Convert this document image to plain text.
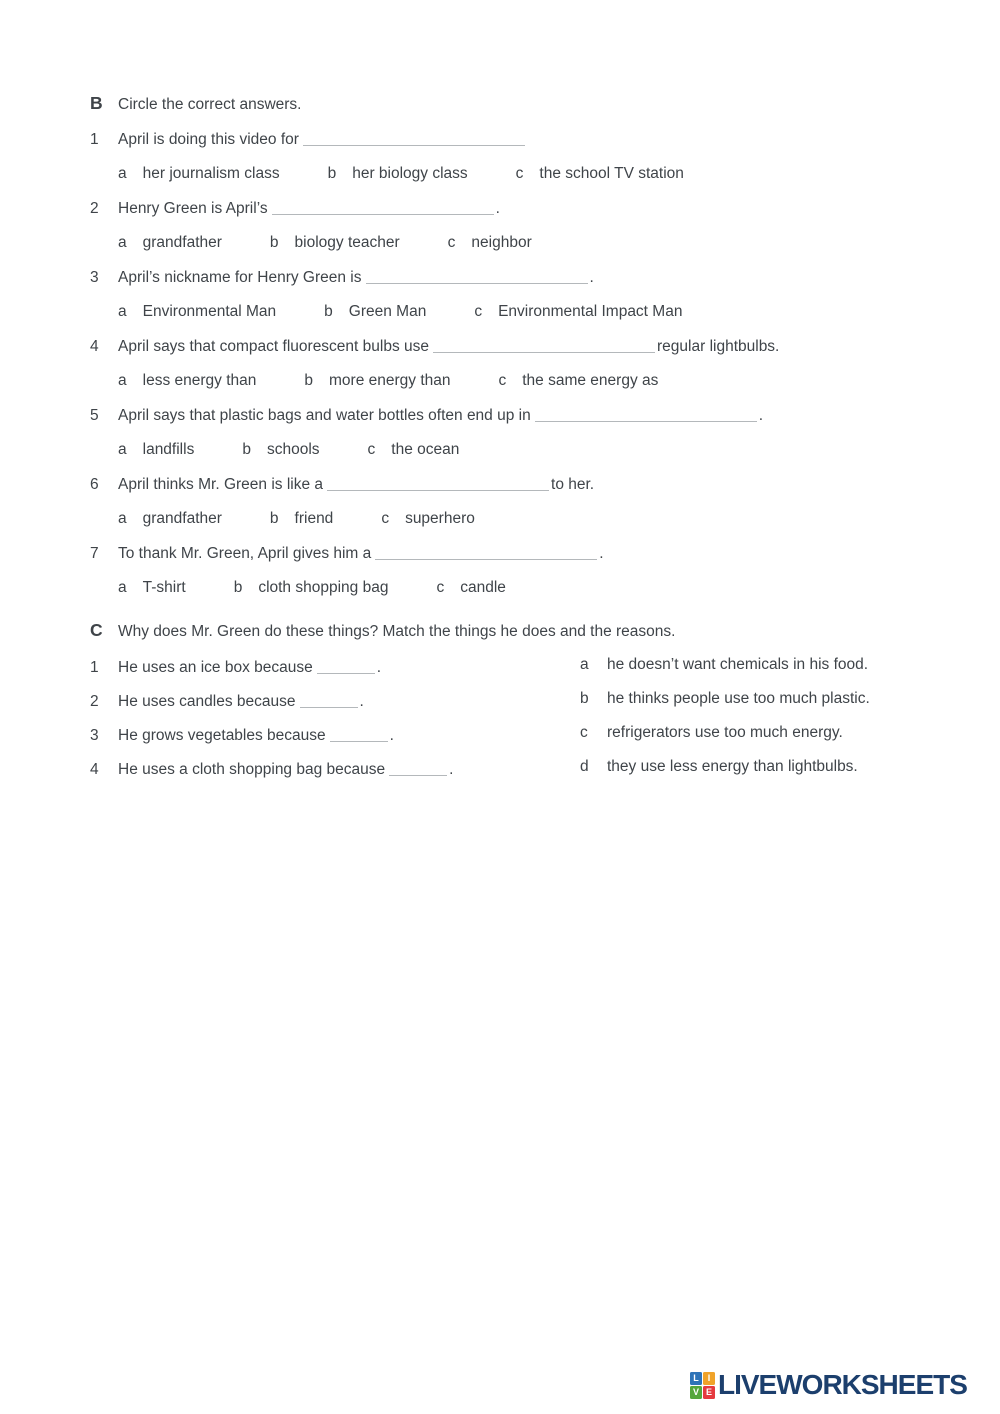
B Circle the correct answers.
1	April is doing this video for
a her journalism class	b her biology class	c the school TV station
2	Henry Green is April’s	.
a grandfather	b biology teacher	c neighbor
3	April’s nickname for Henry Green is	.
a Environmental Man	b Green Man	c Environmental Impact Man
4	April says that compact fluorescent bulbs use	regular lightbulbs.
a less energy than	b more energy than	c the same energy as
5	April says that plastic bags and water bottles often end up in	.
a landfills	b schools	c the ocean
6	April thinks Mr. Green is like a	to her.
a grandfather	b friend	c superhero
7	To thank Mr. Green, April gives him a	.
a T-shirt	b cloth shopping bag	c candle
C Why does Mr. Green do these things? Match the things he does and the reasons.
1	He uses an ice box because	.
2	He uses candles because	.
3	He grows vegetables because	.
4	He uses a cloth shopping bag because	.
a	he doesn’t want chemicals in his food.
b	he thinks people use too much plastic.
c	refrigerators use too much energy.
d	they use less energy than lightbulbs.
L I
V E LIVEWORKSHEETS
